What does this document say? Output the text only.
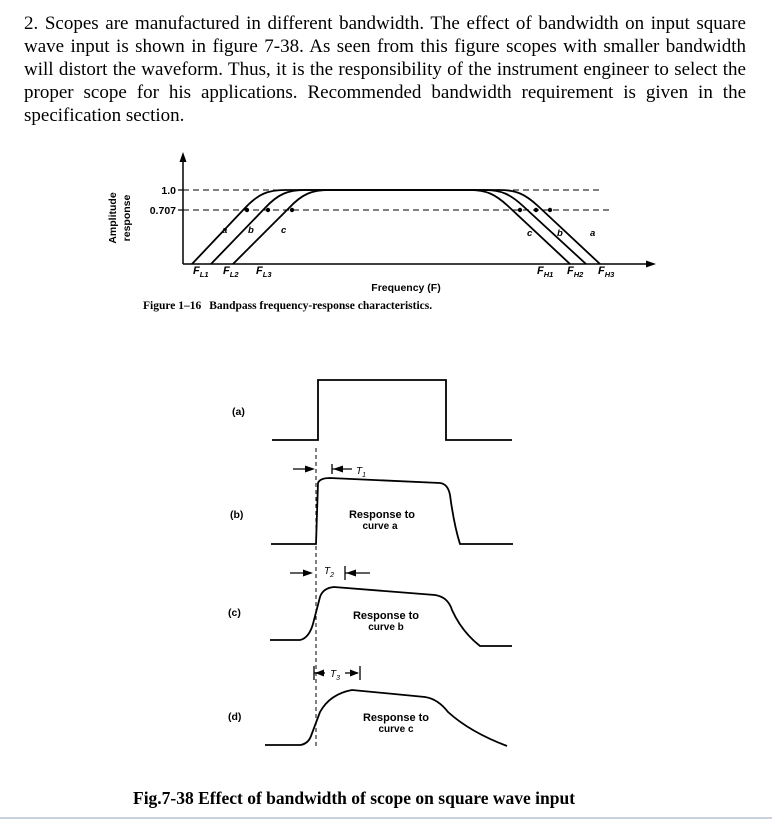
2. Scopes are manufactured in different bandwidth. The effect of bandwidth on input square wave input is shown in figure 7-38. As seen from this figure scopes with smaller bandwidth will distort the waveform. Thus, it is the responsibility of the instrument engineer to select the proper scope for his applications. Recommended bandwidth requirement is given in the specification section.
Amplitude response
1.0
0.707
a b	c	c	b	a
$F_{L1}$ $F_{L2}$ $F_{L3}$	$F_{H1}$ $F_{H2}$ $F_{H3}$
Frequency (F)
Figure 1–16 Bandpass frequency-response characteristics.
(a)
(b)
(c)
(d)
$T_1$
$T_2$
$T_3$
Response to
curve a
Response to
curve b
Response to
curve c
Fig.7-38 Effect of bandwidth of scope on square wave input
